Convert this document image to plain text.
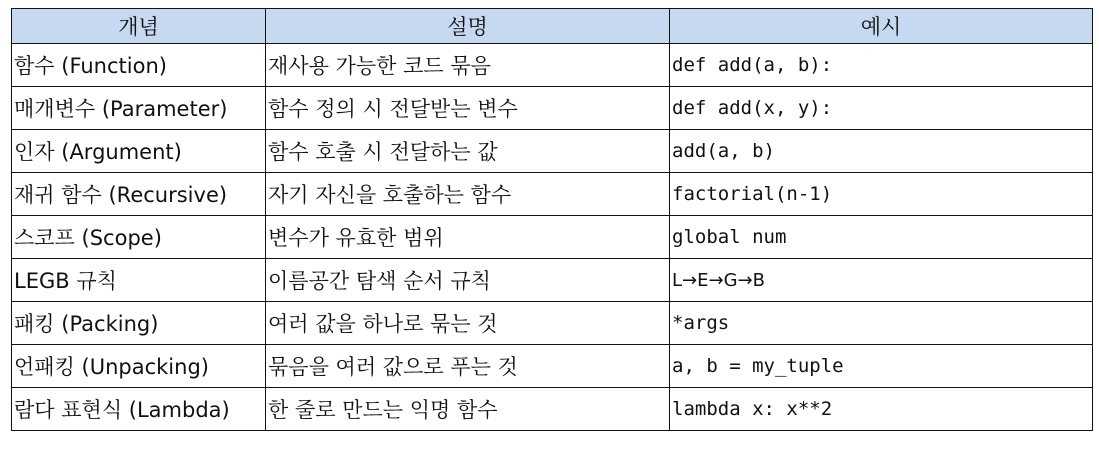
개념	설명	예시
함수 (Function)	재사용 가능한 코드 묶음	def add(a, b):
매개변수 (Parameter)	함수 정의 시 전달받는 변수	def add(x, y):
인자 (Argument)	함수 호출 시 전달하는 값	add(a, b)
재귀 함수 (Recursive)	자기 자신을 호출하는 함수	factorial(n-1)
스코프 (Scope)	변수가 유효한 범위	global num
LEGB 규칙	이름공간 탐색 순서 규칙	L→E→G→B
패킹 (Packing)	여러 값을 하나로 묶는 것	*args
언패킹 (Unpacking)	묶음을 여러 값으로 푸는 것	a, b = my_tuple
람다 표현식 (Lambda)	한 줄로 만드는 익명 함수	lambda x: x**2
